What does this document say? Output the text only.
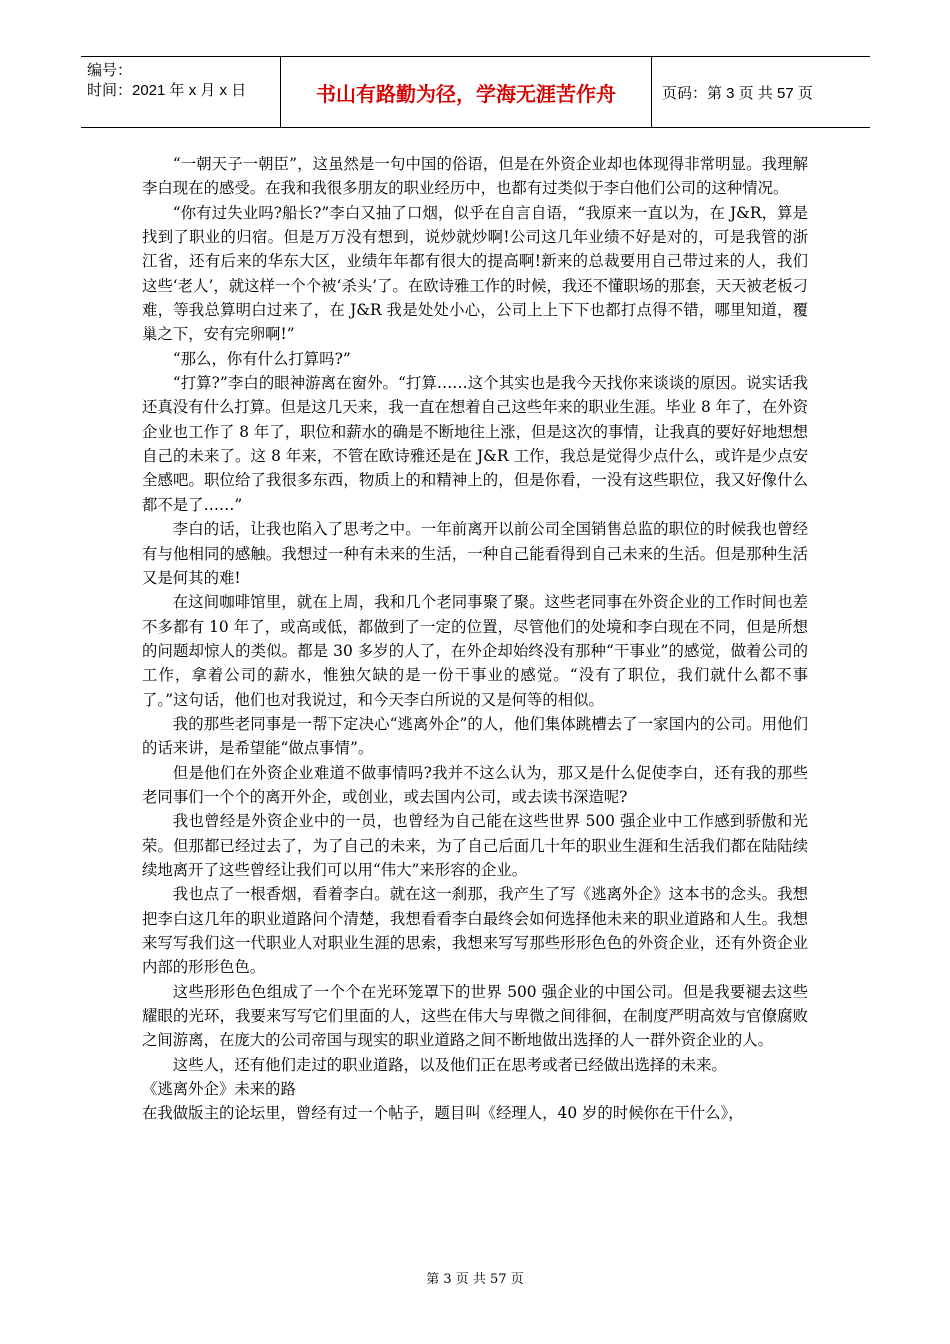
编号：
时间：2021 年 x 月 x 日	书山有路勤为径，学海无涯苦作舟	页码：第 3 页 共 57 页

“一朝天子一朝臣”，这虽然是一句中国的俗语，但是在外资企业却也体现得非常明显。我理解李白现在的感受。在我和我很多朋友的职业经历中，也都有过类似于李白他们公司的这种情况。

“你有过失业吗?船长?”李白又抽了口烟，似乎在自言自语，“我原来一直以为，在 J&R，算是找到了职业的归宿。但是万万没有想到，说炒就炒啊!公司这几年业绩不好是对的，可是我管的浙江省，还有后来的华东大区，业绩年年都有很大的提高啊!新来的总裁要用自己带过来的人，我们这些‘老人’，就这样一个个被‘杀头’了。在欧诗雅工作的时候，我还不懂职场的那套，天天被老板刁难，等我总算明白过来了，在 J&R 我是处处小心，公司上上下下也都打点得不错，哪里知道，覆巢之下，安有完卵啊!”

“那么，你有什么打算吗?”

“打算?”李白的眼神游离在窗外。“打算……这个其实也是我今天找你来谈谈的原因。说实话我还真没有什么打算。但是这几天来，我一直在想着自己这些年来的职业生涯。毕业 8 年了，在外资企业也工作了 8 年了，职位和薪水的确是不断地往上涨，但是这次的事情，让我真的要好好地想想自己的未来了。这 8 年来，不管在欧诗雅还是在 J&R 工作，我总是觉得少点什么，或许是少点安全感吧。职位给了我很多东西，物质上的和精神上的，但是你看，一没有这些职位，我又好像什么都不是了……”

李白的话，让我也陷入了思考之中。一年前离开以前公司全国销售总监的职位的时候我也曾经有与他相同的感触。我想过一种有未来的生活，一种自己能看得到自己未来的生活。但是那种生活又是何其的难!

在这间咖啡馆里，就在上周，我和几个老同事聚了聚。这些老同事在外资企业的工作时间也差不多都有 10 年了，或高或低，都做到了一定的位置，尽管他们的处境和李白现在不同，但是所想的问题却惊人的类似。都是 30 多岁的人了，在外企却始终没有那种“干事业”的感觉，做着公司的工作，拿着公司的薪水，惟独欠缺的是一份干事业的感觉。“没有了职位，我们就什么都不事了。”这句话，他们也对我说过，和今天李白所说的又是何等的相似。

我的那些老同事是一帮下定决心“逃离外企”的人，他们集体跳槽去了一家国内的公司。用他们的话来讲，是希望能“做点事情”。

但是他们在外资企业难道不做事情吗?我并不这么认为，那又是什么促使李白，还有我的那些老同事们一个个的离开外企，或创业，或去国内公司，或去读书深造呢?

我也曾经是外资企业中的一员，也曾经为自己能在这些世界 500 强企业中工作感到骄傲和光荣。但那都已经过去了，为了自己的未来，为了自己后面几十年的职业生涯和生活我们都在陆陆续续地离开了这些曾经让我们可以用“伟大”来形容的企业。

我也点了一根香烟，看着李白。就在这一刹那，我产生了写《逃离外企》这本书的念头。我想把李白这几年的职业道路问个清楚，我想看看李白最终会如何选择他未来的职业道路和人生。我想来写写我们这一代职业人对职业生涯的思索，我想来写写那些形形色色的外资企业，还有外资企业内部的形形色色。

这些形形色色组成了一个个在光环笼罩下的世界 500 强企业的中国公司。但是我要褪去这些耀眼的光环，我要来写写它们里面的人，这些在伟大与卑微之间徘徊，在制度严明高效与官僚腐败之间游离，在庞大的公司帝国与现实的职业道路之间不断地做出选择的人一群外资企业的人。

这些人，还有他们走过的职业道路，以及他们正在思考或者已经做出选择的未来。

《逃离外企》未来的路

在我做版主的论坛里，曾经有过一个帖子，题目叫《经理人，40 岁的时候你在干什么》，

第 3 页 共 57 页
